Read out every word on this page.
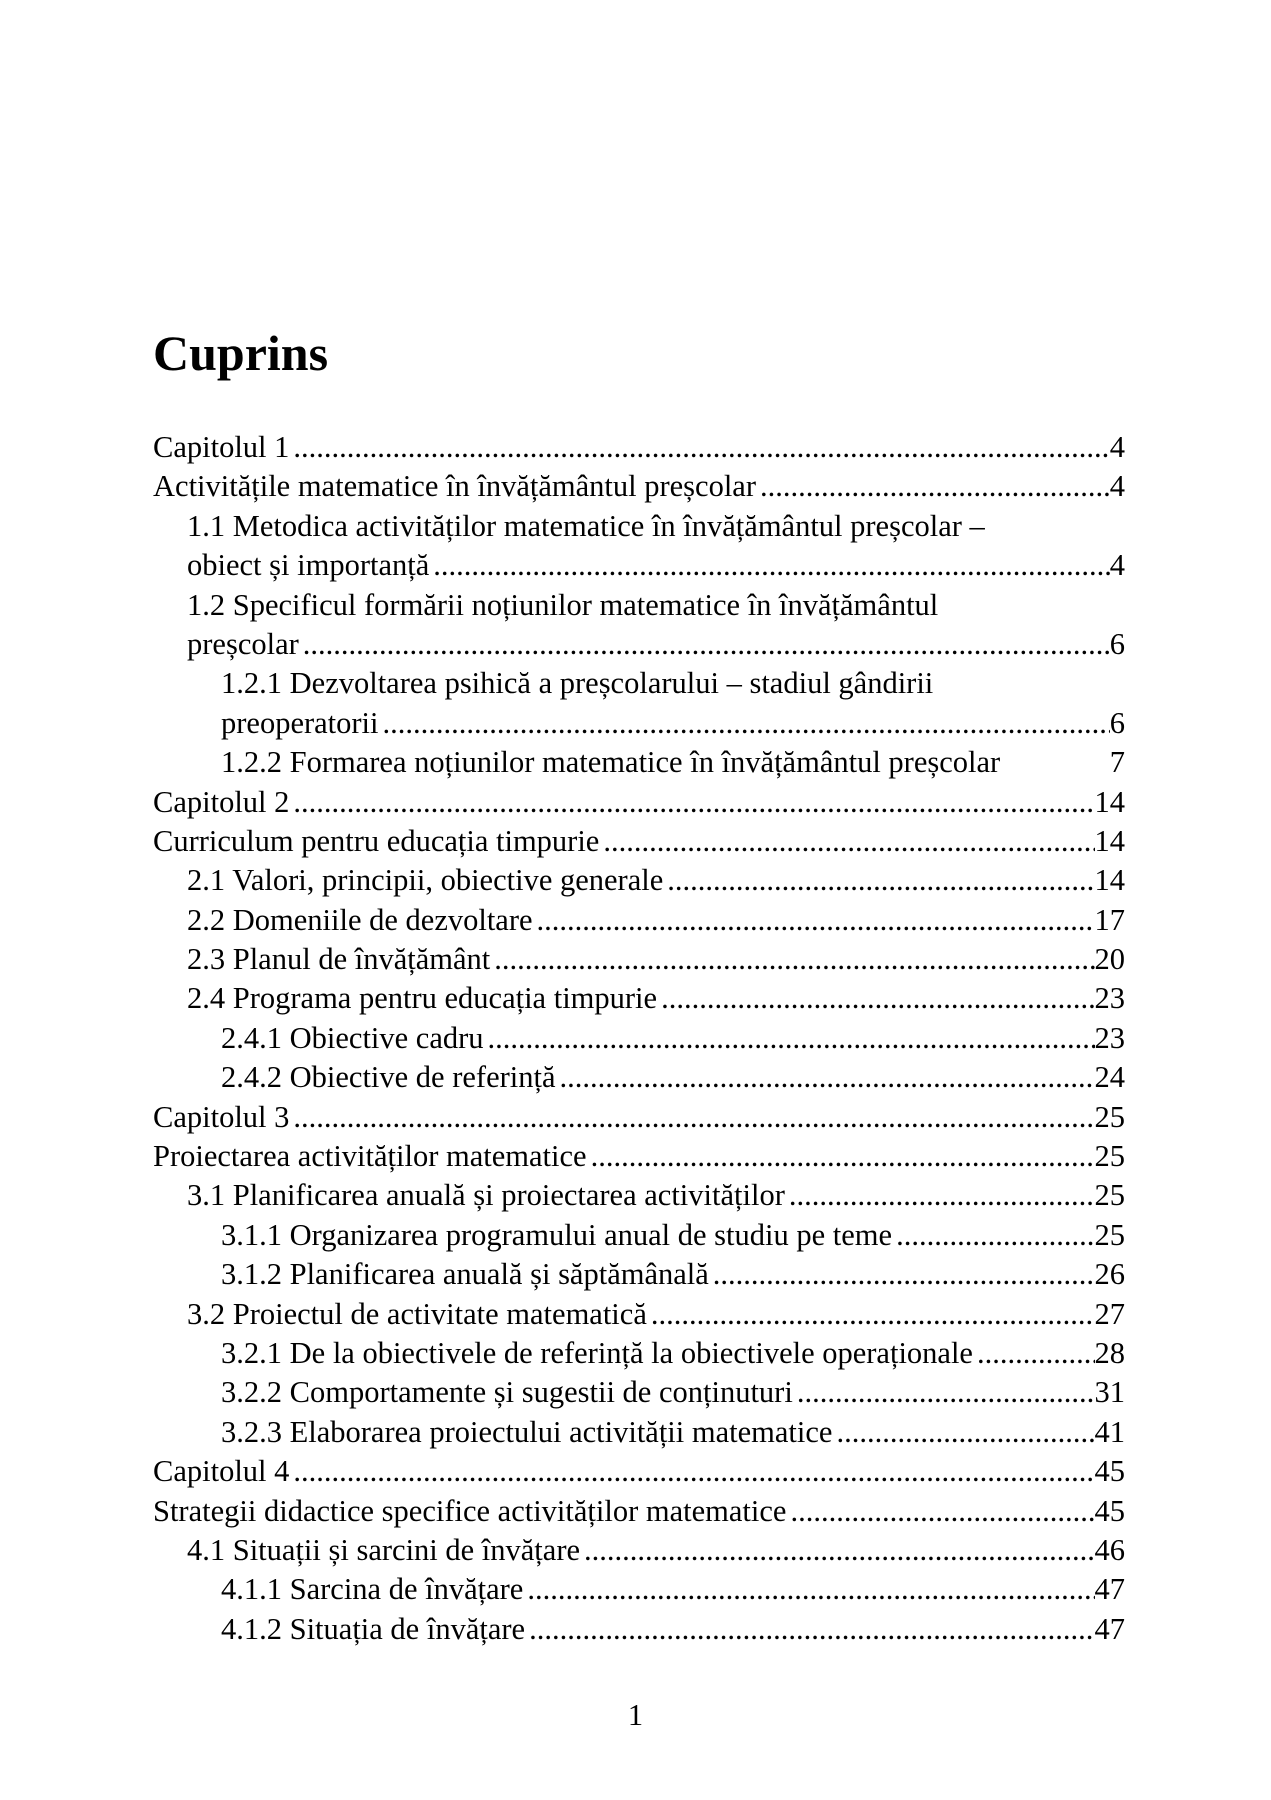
Cuprins
Capitolul 1 .....	4
Activitățile matematice în învățământul preșcolar .....	4
1.1 Metodica activităților matematice în învățământul preșcolar –
obiect și importanță .....	4
1.2 Specificul formării noțiunilor matematice în învățământul
preșcolar .....	6
1.2.1 Dezvoltarea psihică a preșcolarului – stadiul gândirii
preoperatorii .....	6
1.2.2 Formarea noțiunilor matematice în învățământul preșcolar	7
Capitolul 2 .....	14
Curriculum pentru educația timpurie .....	14
2.1 Valori, principii, obiective generale .....	14
2.2 Domeniile de dezvoltare .....	17
2.3 Planul de învățământ .....	20
2.4 Programa pentru educația timpurie .....	23
2.4.1 Obiective cadru .....	23
2.4.2 Obiective de referință .....	24
Capitolul 3 .....	25
Proiectarea activităților matematice .....	25
3.1 Planificarea anuală și proiectarea activităților .....	25
3.1.1 Organizarea programului anual de studiu pe teme .....	25
3.1.2 Planificarea anuală și săptămânală .....	26
3.2 Proiectul de activitate matematică .....	27
3.2.1 De la obiectivele de referință la obiectivele operaționale .....	28
3.2.2 Comportamente și sugestii de conținuturi .....	31
3.2.3 Elaborarea proiectului activității matematice .....	41
Capitolul 4 .....	45
Strategii didactice specifice activităților matematice .....	45
4.1 Situații și sarcini de învățare .....	46
4.1.1 Sarcina de învățare .....	47
4.1.2 Situația de învățare .....	47
1
